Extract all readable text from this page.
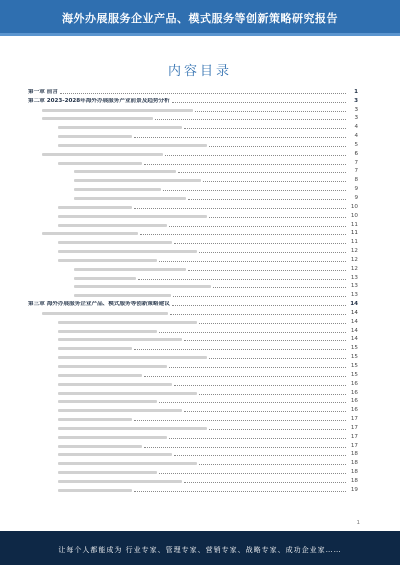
海外办展服务企业产品、模式服务等创新策略研究报告
内容目录
第一章 前言	1
第二章 2023-2028年海外办展服务产业前景及趋势分析	3
3
3
4
4
5
6
7
7
8
9
9
10
10
11
11
11
12
12
12
13
13
13
第三章 海外办展服务企业产品、模式服务等创新策略建议	14
14
14
14
14
15
15
15
15
16
16
16
16
17
17
17
17
18
18
18
18
19
1
让每个人都能成为 行业专家、管理专家、营销专家、战略专家、成功企业家……
